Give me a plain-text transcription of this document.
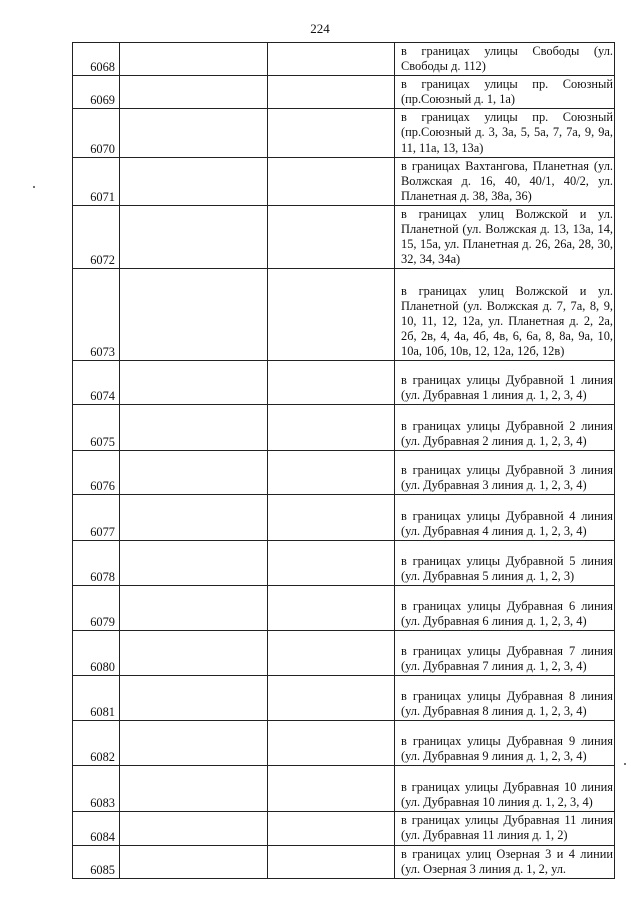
224
6068			в границах улицы Свободы (ул. Свободы д. 112)
6069			в границах улицы пр. Союзный (пр.Союзный д. 1, 1а)
6070			в границах улицы пр. Союзный (пр.Союзный д. 3, 3а, 5, 5а, 7, 7а, 9, 9а, 11, 11а, 13, 13а)
6071			в границах Вахтангова, Планетная (ул. Волжская д. 16, 40, 40/1, 40/2, ул. Планетная д. 38, 38а, 36)
6072			в границах улиц Волжской и ул. Планетной (ул. Волжская д. 13, 13а, 14, 15, 15а, ул. Планетная д. 26, 26а, 28, 30, 32, 34, 34а)
6073			в границах улиц Волжской и ул. Планетной (ул. Волжская д. 7, 7а, 8, 9, 10, 11, 12, 12а, ул. Планетная д. 2, 2а, 2б, 2в, 4, 4а, 4б, 4в, 6, 6а, 8, 8а, 9а, 10, 10а, 10б, 10в, 12, 12а, 12б, 12в)
6074			в границах улицы Дубравной 1 линия (ул. Дубравная 1 линия д. 1, 2, 3, 4)
6075			в границах улицы Дубравной 2 линия (ул. Дубравная 2 линия д. 1, 2, 3, 4)
6076			в границах улицы Дубравной 3 линия (ул. Дубравная 3 линия д. 1, 2, 3, 4)
6077			в границах улицы Дубравной 4 линия (ул. Дубравная 4 линия д. 1, 2, 3, 4)
6078			в границах улицы Дубравной 5 линия (ул. Дубравная 5 линия д. 1, 2, 3)
6079			в границах улицы Дубравная 6 линия (ул. Дубравная 6 линия д. 1, 2, 3, 4)
6080			в границах улицы Дубравная 7 линия (ул. Дубравная 7 линия д. 1, 2, 3, 4)
6081			в границах улицы Дубравная 8 линия (ул. Дубравная 8 линия д. 1, 2, 3, 4)
6082			в границах улицы Дубравная 9 линия (ул. Дубравная 9 линия д. 1, 2, 3, 4)
6083			в границах улицы Дубравная 10 линия (ул. Дубравная 10 линия д. 1, 2, 3, 4)
6084			в границах улицы Дубравная 11 линия (ул. Дубравная 11 линия д. 1, 2)
6085			в границах улиц Озерная 3 и 4 линии (ул. Озерная 3 линия д. 1, 2, ул.
